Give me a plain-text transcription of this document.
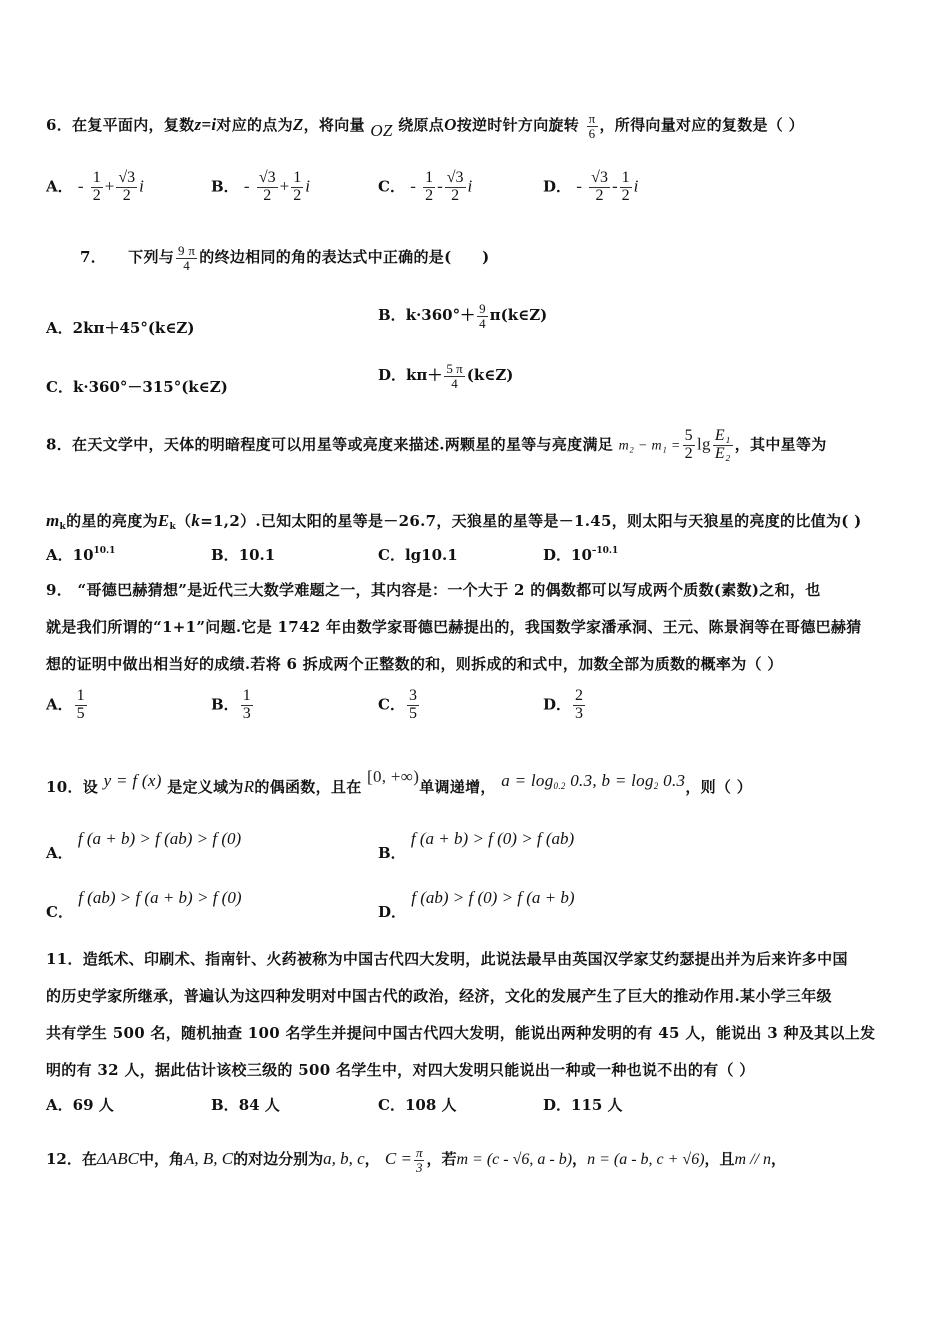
6．在复平面内，复数z=i对应的点为Z，将向量 OZ 绕原点O按逆时针方向旋转 $\frac{\pi}{6}$ ，所得向量对应的复数是（ ）
A． - $\frac{1}{2} + \frac{√3}{2}$ i	B． - $\frac{√3}{2} + \frac{1}{2}$ i	C． - $\frac{1}{2} - \frac{√3}{2}$ i	D． - $\frac{√3}{2} - \frac{1}{2}$ i
7． 下列与 $\frac{9 \pi}{4}$ 的终边相同的角的表达式中正确的是(　　)
A．2kπ＋45°(k∈Z)
B．$k\cdot 360^\circ+ \frac{9}{4}$ π(k∈Z)
C．k·360°－315°(k∈Z)
D．$k\pi+ \frac{5 \pi}{4}$ (k∈Z)
8．在天文学中，天体的明暗程度可以用星等或亮度来描述.两颗星的星等与亮度满足 $m_2 - m_1 = \frac{5}{2}$ $\lg \frac{\text{E₁}}{\text{E₂}}$ ，其中星等为
$m_k$的星的亮度为$E_k(k=1,2)$.已知太阳的星等是－26.7，天狼星的星等是－1.45，则太阳与天狼星的亮度的比值为( )
A．$10^{10.1}$	B．10.1	C．lg10.1	D．$10^{-10.1}$
9． “哥德巴赫猜想”是近代三大数学难题之一，其内容是：一个大于 2 的偶数都可以写成两个质数(素数)之和，也
就是我们所谓的“1+1”问题.它是 1742 年由数学家哥德巴赫提出的，我国数学家潘承洞、王元、陈景润等在哥德巴赫猜
想的证明中做出相当好的成绩.若将 6 拆成两个正整数的和，则拆成的和式中，加数全部为质数的概率为（ ）
A． $\frac{1}{5}$	B． $\frac{1}{3}$	C． $\frac{3}{5}$	D． $\frac{2}{3}$
10．设 y = f (x) 是定义域为R的偶函数，且在 [0, +∞)单调递增， $a = \log_{0.2} 0.3$, $b = \log_2 0.3$，则（ ）
A． f (a + b) > f (ab) > f (0)
B． f (a + b) > f (0) > f (ab)
C． f (ab) > f (a + b) > f (0)
D． f (ab) > f (0) > f (a + b)
11．造纸术、印刷术、指南针、火药被称为中国古代四大发明，此说法最早由英国汉学家艾约瑟提出并为后来许多中国
的历史学家所继承，普遍认为这四种发明对中国古代的政治，经济，文化的发展产生了巨大的推动作用.某小学三年级
共有学生 500 名，随机抽查 100 名学生并提问中国古代四大发明，能说出两种发明的有 45 人，能说出 3 种及其以上发
明的有 32 人，据此估计该校三级的 500 名学生中，对四大发明只能说出一种或一种也说不出的有（ ）
A．69 人	B．84 人	C．108 人	D．115 人
12．在ΔABC中，角A, B, C的对边分别为a, b, c， $C = \frac{\pi}{3}$ ，若m = (c - √6, a - b)，n = (a - b, c + √6)，且m // n，
